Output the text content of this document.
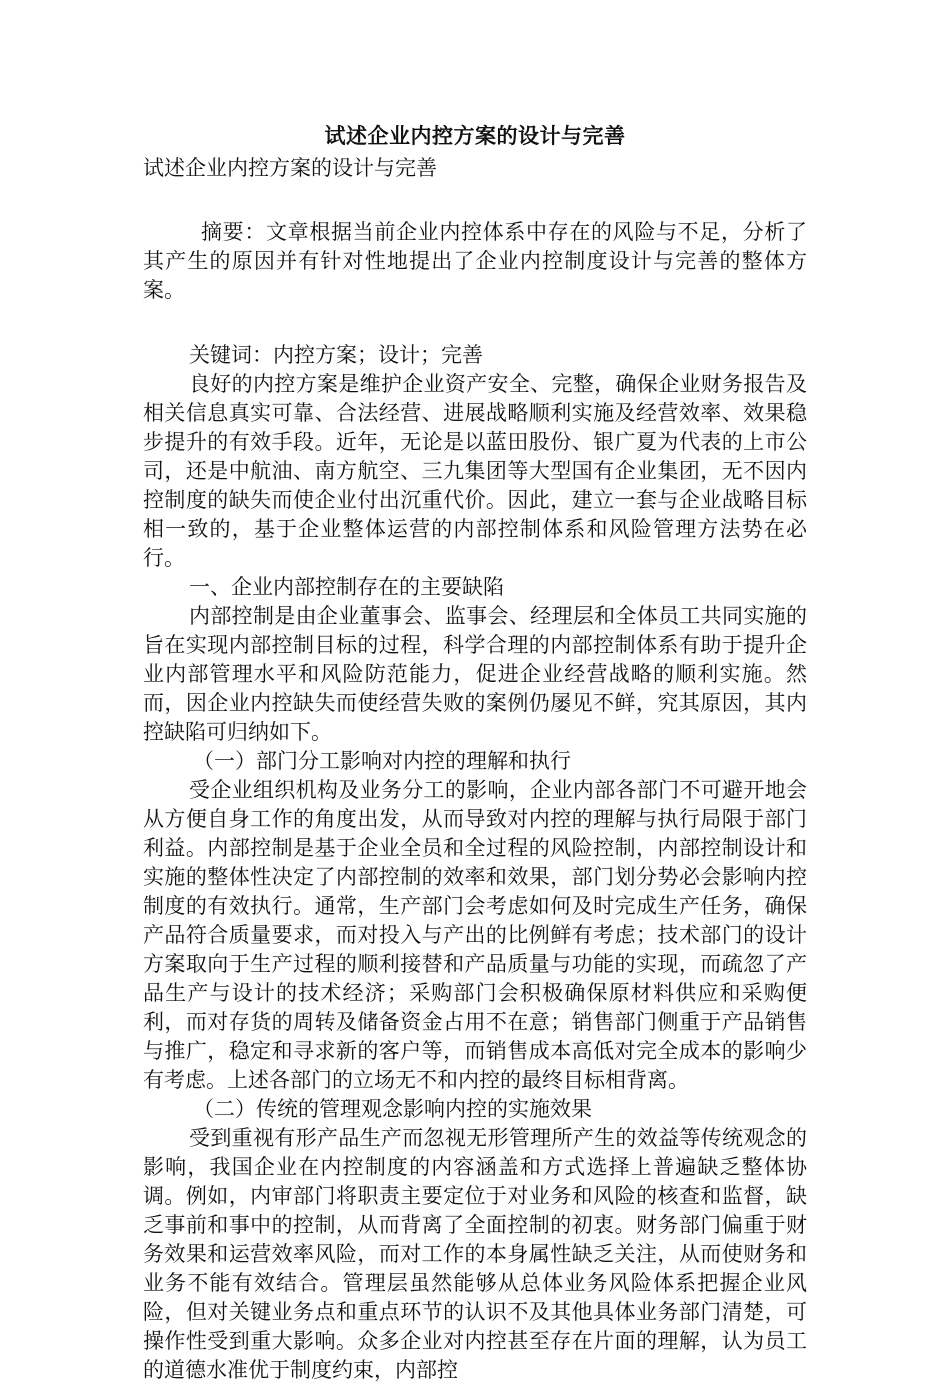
试述企业内控方案的设计与完善

试述企业内控方案的设计与完善

摘要：文章根据当前企业内控体系中存在的风险与不足，分析了其产生的原因并有针对性地提出了企业内控制度设计与完善的整体方案。

关键词：内控方案；设计；完善

良好的内控方案是维护企业资产安全、完整，确保企业财务报告及相关信息真实可靠、合法经营、进展战略顺利实施及经营效率、效果稳步提升的有效手段。近年，无论是以蓝田股份、银广夏为代表的上市公司，还是中航油、南方航空、三九集团等大型国有企业集团，无不因内控制度的缺失而使企业付出沉重代价。因此，建立一套与企业战略目标相一致的，基于企业整体运营的内部控制体系和风险管理方法势在必行。

一、企业内部控制存在的主要缺陷

内部控制是由企业董事会、监事会、经理层和全体员工共同实施的旨在实现内部控制目标的过程，科学合理的内部控制体系有助于提升企业内部管理水平和风险防范能力，促进企业经营战略的顺利实施。然而，因企业内控缺失而使经营失败的案例仍屡见不鲜，究其原因，其内控缺陷可归纳如下。

（一）部门分工影响对内控的理解和执行

受企业组织机构及业务分工的影响，企业内部各部门不可避开地会从方便自身工作的角度出发，从而导致对内控的理解与执行局限于部门利益。内部控制是基于企业全员和全过程的风险控制，内部控制设计和实施的整体性决定了内部控制的效率和效果，部门划分势必会影响内控制度的有效执行。通常，生产部门会考虑如何及时完成生产任务，确保产品符合质量要求，而对投入与产出的比例鲜有考虑；技术部门的设计方案取向于生产过程的顺利接替和产品质量与功能的实现，而疏忽了产品生产与设计的技术经济；采购部门会积极确保原材料供应和采购便利，而对存货的周转及储备资金占用不在意；销售部门侧重于产品销售与推广，稳定和寻求新的客户等，而销售成本高低对完全成本的影响少有考虑。上述各部门的立场无不和内控的最终目标相背离。

（二）传统的管理观念影响内控的实施效果

受到重视有形产品生产而忽视无形管理所产生的效益等传统观念的影响，我国企业在内控制度的内容涵盖和方式选择上普遍缺乏整体协调。例如，内审部门将职责主要定位于对业务和风险的核查和监督，缺乏事前和事中的控制，从而背离了全面控制的初衷。财务部门偏重于财务效果和运营效率风险，而对工作的本身属性缺乏关注，从而使财务和业务不能有效结合。管理层虽然能够从总体业务风险体系把握企业风险，但对关键业务点和重点环节的认识不及其他具体业务部门清楚，可操作性受到重大影响。众多企业对内控甚至存在片面的理解，认为员工的道德水准优于制度约束，内部控
